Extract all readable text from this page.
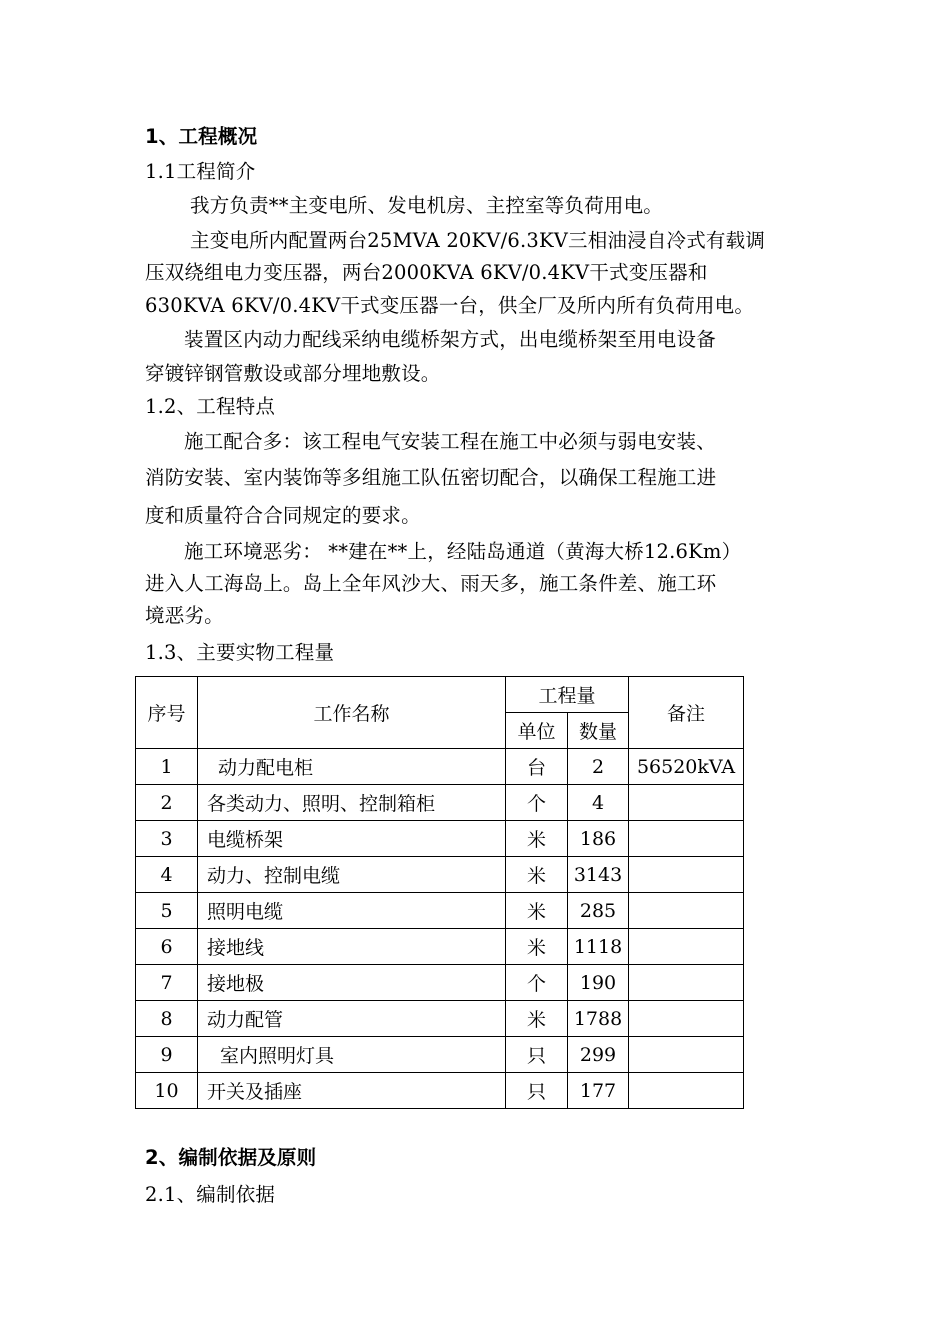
1、工程概况
1.1工程简介
我方负责**主变电所、发电机房、主控室等负荷用电。
主变电所内配置两台25MVA 20KV/6.3KV三相油浸自冷式有载调
压双绕组电力变压器，两台2000KVA 6KV/0.4KV干式变压器和
630KVA 6KV/0.4KV干式变压器一台，供全厂及所内所有负荷用电。
装置区内动力配线采纳电缆桥架方式，出电缆桥架至用电设备
穿镀锌钢管敷设或部分埋地敷设。
1.2、工程特点
施工配合多：该工程电气安装工程在施工中必须与弱电安装、
消防安装、室内装饰等多组施工队伍密切配合，以确保工程施工进
度和质量符合合同规定的要求。
施工环境恶劣： **建在**上，经陆岛通道（黄海大桥12.6Km）
进入人工海岛上。岛上全年风沙大、雨天多，施工条件差、施工环
境恶劣。
1.3、主要实物工程量
序号	工作名称	工程量		备注
		单位	数量	
1	动力配电柜	台	2	56520kVA
2	各类动力、照明、控制箱柜	个	4	
3	电缆桥架	米	186	
4	动力、控制电缆	米	3143	
5	照明电缆	米	285	
6	接地线	米	1118	
7	接地极	个	190	
8	动力配管	米	1788	
9	室内照明灯具	只	299	
10	开关及插座	只	177	
2、编制依据及原则
2.1、编制依据
